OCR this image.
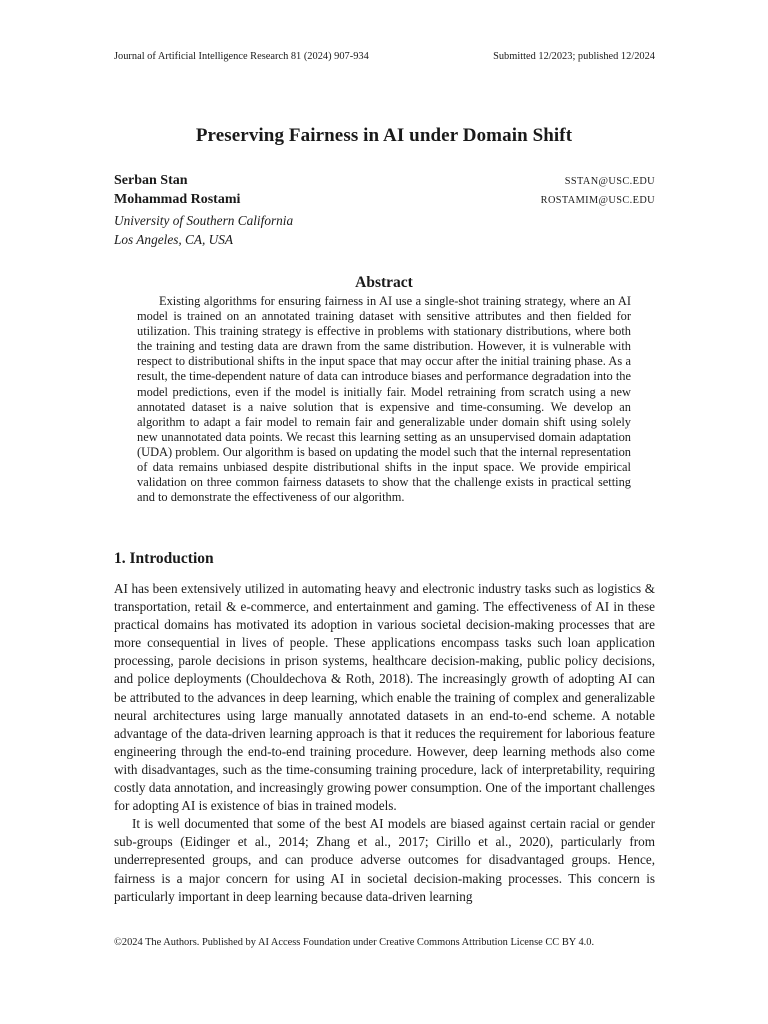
Journal of Artificial Intelligence Research 81 (2024) 907-934	Submitted 12/2023; published 12/2024
Preserving Fairness in AI under Domain Shift
Serban Stan	SSTAN@USC.EDU
Mohammad Rostami	ROSTAMIM@USC.EDU
University of Southern California
Los Angeles, CA, USA
Abstract

Existing algorithms for ensuring fairness in AI use a single-shot training strategy, where an AI model is trained on an annotated training dataset with sensitive attributes and then fielded for utilization. This training strategy is effective in problems with stationary distributions, where both the training and testing data are drawn from the same distribution. However, it is vulnerable with respect to distributional shifts in the input space that may occur after the initial training phase. As a result, the time-dependent nature of data can introduce biases and performance degradation into the model predictions, even if the model is initially fair. Model retraining from scratch using a new annotated dataset is a naive solution that is expensive and time-consuming. We develop an algorithm to adapt a fair model to remain fair and generalizable under domain shift using solely new unannotated data points. We recast this learning setting as an unsupervised domain adaptation (UDA) problem. Our algorithm is based on updating the model such that the internal representation of data remains unbiased despite distributional shifts in the input space. We provide empirical validation on three common fairness datasets to show that the challenge exists in practical setting and to demonstrate the effectiveness of our algorithm.

1. Introduction

AI has been extensively utilized in automating heavy and electronic industry tasks such as logistics & transportation, retail & e-commerce, and entertainment and gaming. The effectiveness of AI in these practical domains has motivated its adoption in various societal decision-making processes that are more consequential in lives of people. These applications encompass tasks such loan application processing, parole decisions in prison systems, healthcare decision-making, public policy decisions, and police deployments (Chouldechova & Roth, 2018). The increasingly growth of adopting AI can be attributed to the advances in deep learning, which enable the training of complex and generalizable neural architectures using large manually annotated datasets in an end-to-end scheme. A notable advantage of the data-driven learning approach is that it reduces the requirement for laborious feature engineering through the end-to-end training procedure. However, deep learning methods also come with disadvantages, such as the time-consuming training procedure, lack of interpretability, requiring costly data annotation, and increasingly growing power consumption. One of the important challenges for adopting AI is existence of bias in trained models.

It is well documented that some of the best AI models are biased against certain racial or gender sub-groups (Eidinger et al., 2014; Zhang et al., 2017; Cirillo et al., 2020), particularly from underrepresented groups, and can produce adverse outcomes for disadvantaged groups. Hence, fairness is a major concern for using AI in societal decision-making processes. This concern is particularly important in deep learning because data-driven learning

©2024 The Authors. Published by AI Access Foundation under Creative Commons Attribution License CC BY 4.0.
